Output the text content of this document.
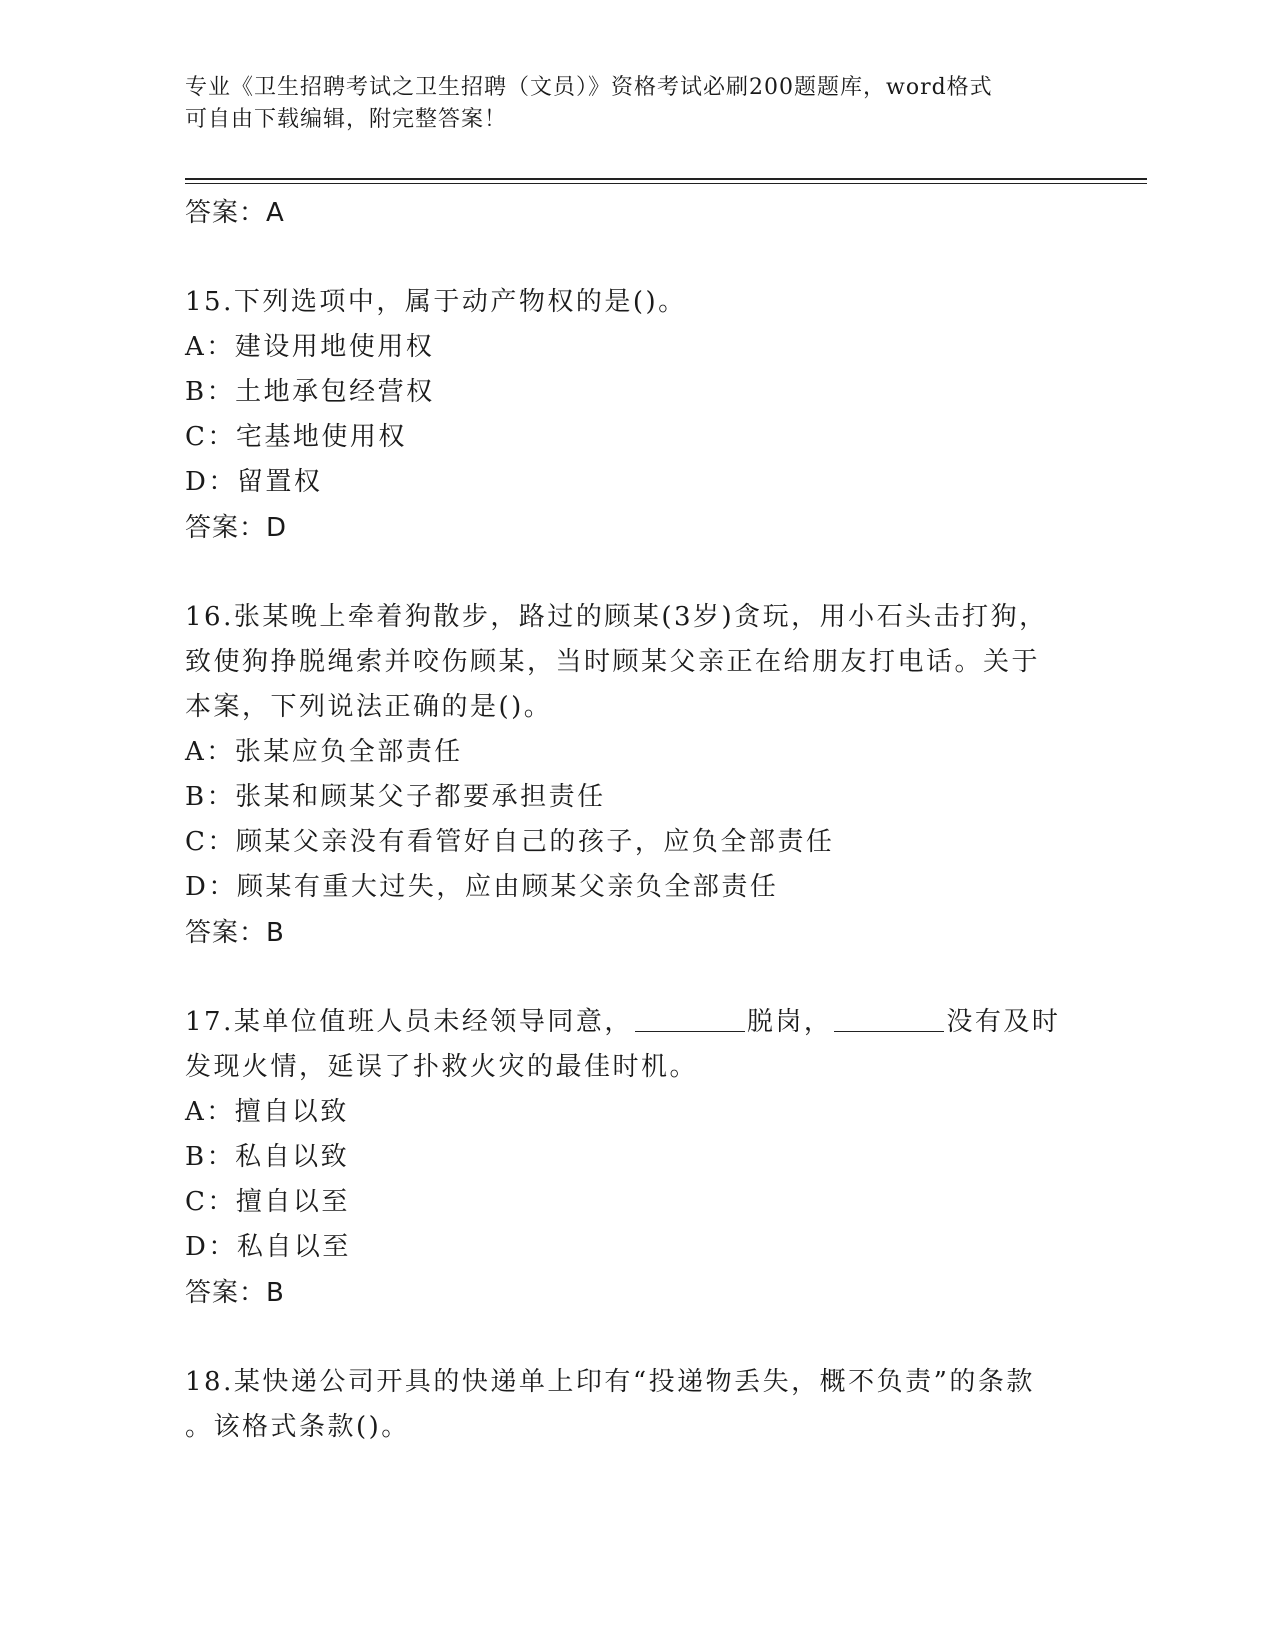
专业《卫生招聘考试之卫生招聘（文员）》资格考试必刷200题题库，word格式
可自由下载编辑，附完整答案！
答案：A
15.下列选项中，属于动产物权的是()。
A：建设用地使用权
B：土地承包经营权
C：宅基地使用权
D：留置权
答案：D
16.张某晚上牵着狗散步，路过的顾某(3岁)贪玩，用小石头击打狗，
致使狗挣脱绳索并咬伤顾某，当时顾某父亲正在给朋友打电话。关于
本案，下列说法正确的是()。
A：张某应负全部责任
B：张某和顾某父子都要承担责任
C：顾某父亲没有看管好自己的孩子，应负全部责任
D：顾某有重大过失，应由顾某父亲负全部责任
答案：B
17.某单位值班人员未经领导同意，	脱岗，	没有及时
发现火情，延误了扑救火灾的最佳时机。
A：擅自以致
B：私自以致
C：擅自以至
D：私自以至
答案：B
18.某快递公司开具的快递单上印有“投递物丢失，概不负责”的条款
。该格式条款()。
